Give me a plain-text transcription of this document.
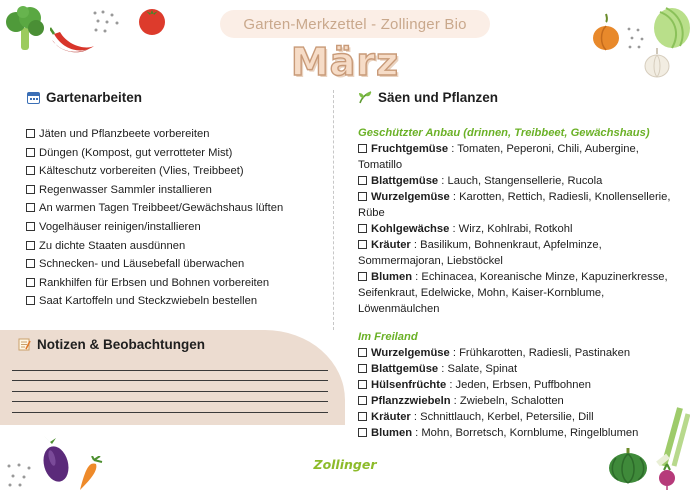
Garten-Merkzettel - Zollinger Bio
März
Gartenarbeiten
Jäten und Pflanzbeete vorbereiten
Düngen (Kompost, gut verrotteter Mist)
Kälteschutz vorbereiten (Vlies, Treibbeet)
Regenwasser Sammler installieren
An warmen Tagen Treibbeet/Gewächshaus lüften
Vogelhäuser reinigen/installieren
Zu dichte Staaten ausdünnen
Schnecken- und Läusebefall überwachen
Rankhilfen für Erbsen und Bohnen vorbereiten
Saat Kartoffeln und Steckzwiebeln bestellen
Notizen & Beobachtungen
Säen und Pflanzen
Geschützter Anbau (drinnen, Treibbeet, Gewächshaus)
Fruchtgemüse : Tomaten, Peperoni, Chili, Aubergine, Tomatillo
Blattgemüse : Lauch, Stangensellerie, Rucola
Wurzelgemüse : Karotten, Rettich, Radiesli, Knollensellerie, Rübe
Kohlgewächse : Wirz, Kohlrabi, Rotkohl
Kräuter : Basilikum, Bohnenkraut, Apfelminze, Sommermajoran, Liebstöckel
Blumen : Echinacea, Koreanische Minze, Kapuzinerkresse, Seifenkraut, Edelwicke, Mohn, Kaiser-Kornblume, Löwenmäulchen
Im Freiland
Wurzelgemüse : Frühkarotten, Radiesli, Pastinaken
Blattgemüse : Salate, Spinat
Hülsenfrüchte : Jeden, Erbsen, Puffbohnen
Pflanzzwiebeln : Zwiebeln, Schalotten
Kräuter : Schnittlauch, Kerbel, Petersilie, Dill
Blumen : Mohn, Borretsch, Kornblume, Ringelblumen
Zollinger
